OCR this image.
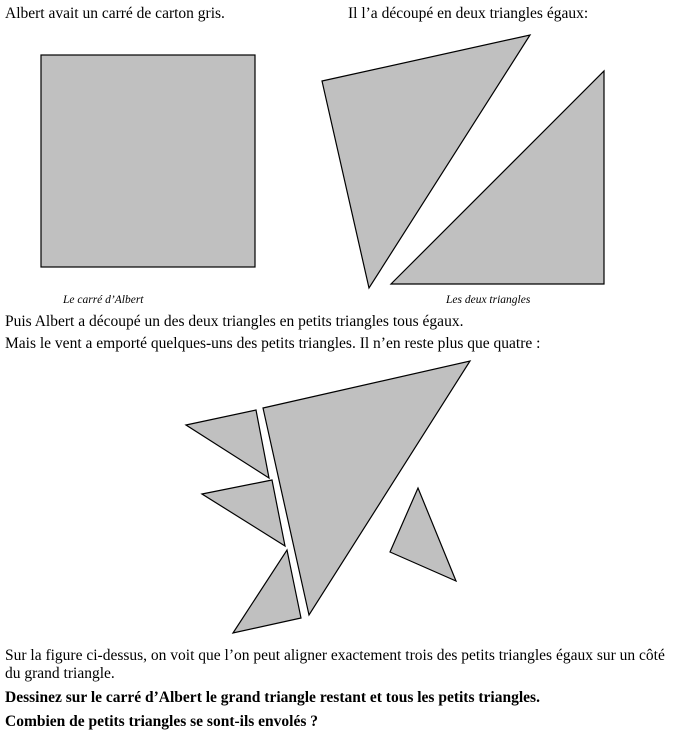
Albert avait un carré de carton gris.	Il l’a découpé en deux triangles égaux:
Le carré d’Albert	Les deux triangles
Puis Albert a découpé un des deux triangles en petits triangles tous égaux.
Mais le vent a emporté quelques-uns des petits triangles. Il n’en reste plus que quatre :
Sur la figure ci-dessus, on voit que l’on peut aligner exactement trois des petits triangles égaux sur un côté du grand triangle.
Dessinez sur le carré d’Albert le grand triangle restant et tous les petits triangles.
Combien de petits triangles se sont-ils envolés ?
